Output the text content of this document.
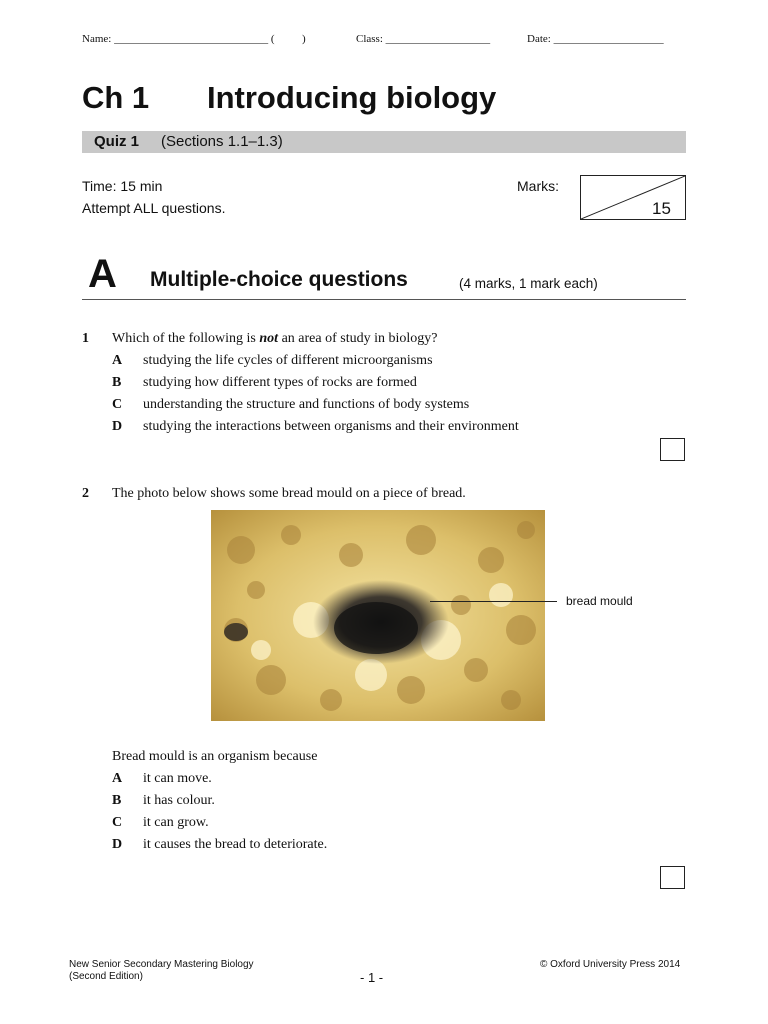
Name: ____________________________ (          )	Class: ___________________	Date: ____________________
Ch 1 Introducing biology
Quiz 1 (Sections 1.1–1.3)
Time: 15 min
Attempt ALL questions.
Marks:
15
A Multiple-choice questions	(4 marks, 1 mark each)
1 Which of the following is not an area of study in biology?
A studying the life cycles of different microorganisms
B studying how different types of rocks are formed
C understanding the structure and functions of body systems
D studying the interactions between organisms and their environment
2 The photo below shows some bread mould on a piece of bread.
bread mould
Bread mould is an organism because
A it can move.
B it has colour.
C it can grow.
D it causes the bread to deteriorate.
New Senior Secondary Mastering Biology
(Second Edition)	- 1 -
© Oxford University Press 2014
